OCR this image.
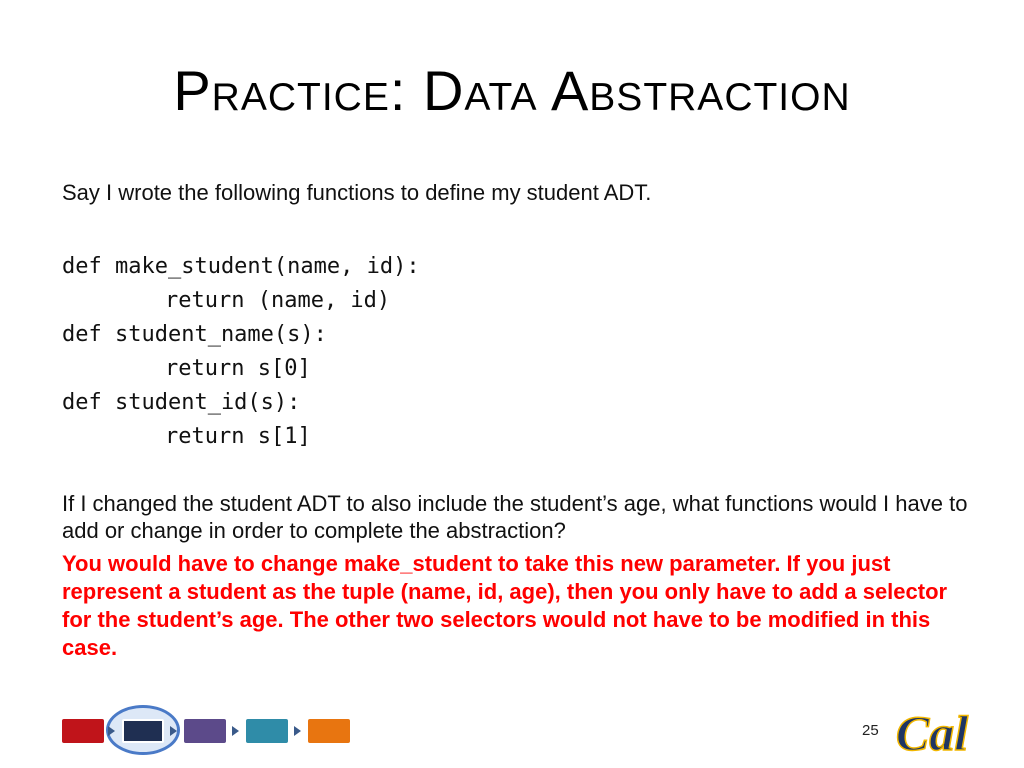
Practice: Data Abstraction

Say I wrote the following functions to define my student ADT.

def make_student(name, id):
return (name, id)
def student_name(s):
return s[0]
def student_id(s):
return s[1]

If I changed the student ADT to also include the student’s age, what functions would I have to add or change in order to complete the abstraction?

You would have to change make_student to take this new parameter. If you just represent a student as the tuple (name, id, age), then you only have to add a selector for the student’s age. The other two selectors would not have to be modified in this case.

25 Cal
